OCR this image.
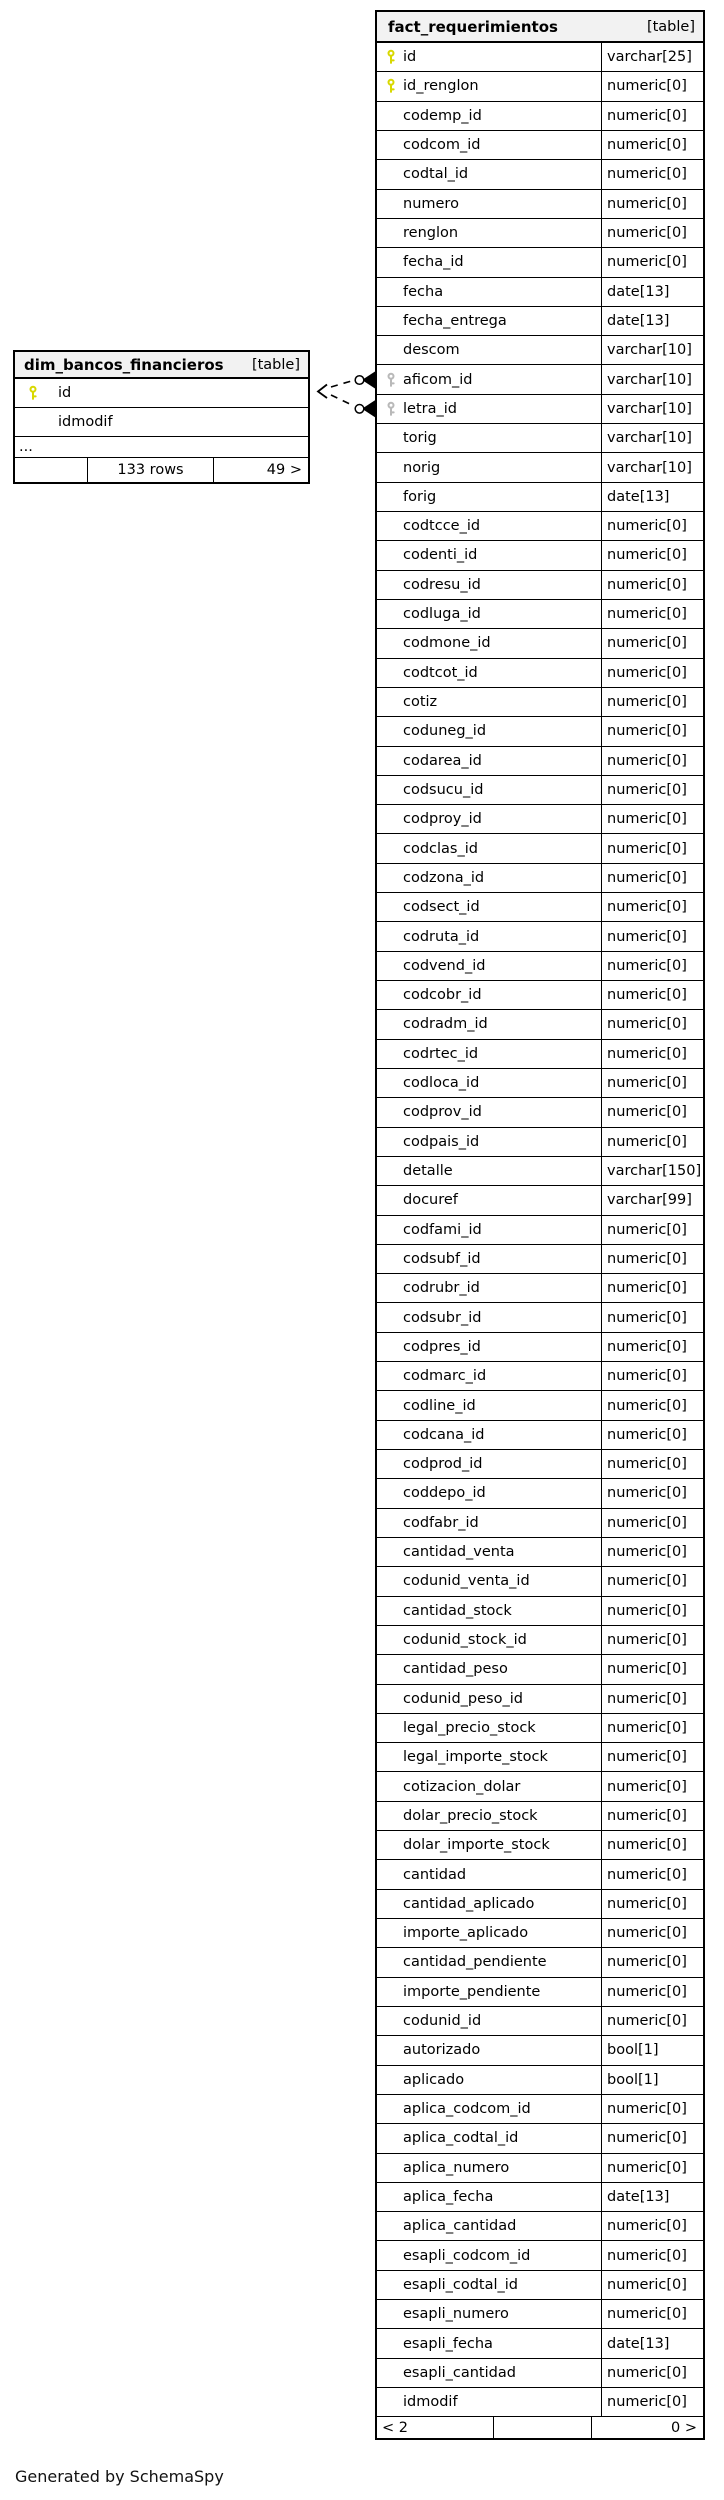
dim_bancos_financieros [table]
id
idmodif
...
133 rows	49 >
fact_requerimientos	[table]
id	varchar[25]
id_renglon	numeric[0]
codemp_id	numeric[0]
codcom_id	numeric[0]
codtal_id	numeric[0]
numero	numeric[0]
renglon	numeric[0]
fecha_id	numeric[0]
fecha	date[13]
fecha_entrega	date[13]
descom	varchar[10]
aficom_id	varchar[10]
letra_id	varchar[10]
torig	varchar[10]
norig	varchar[10]
forig	date[13]
codtcce_id	numeric[0]
codenti_id	numeric[0]
codresu_id	numeric[0]
codluga_id	numeric[0]
codmone_id	numeric[0]
codtcot_id	numeric[0]
cotiz	numeric[0]
coduneg_id	numeric[0]
codarea_id	numeric[0]
codsucu_id	numeric[0]
codproy_id	numeric[0]
codclas_id	numeric[0]
codzona_id	numeric[0]
codsect_id	numeric[0]
codruta_id	numeric[0]
codvend_id	numeric[0]
codcobr_id	numeric[0]
codradm_id	numeric[0]
codrtec_id	numeric[0]
codloca_id	numeric[0]
codprov_id	numeric[0]
codpais_id	numeric[0]
detalle	varchar[150]
docuref	varchar[99]
codfami_id	numeric[0]
codsubf_id	numeric[0]
codrubr_id	numeric[0]
codsubr_id	numeric[0]
codpres_id	numeric[0]
codmarc_id	numeric[0]
codline_id	numeric[0]
codcana_id	numeric[0]
codprod_id	numeric[0]
coddepo_id	numeric[0]
codfabr_id	numeric[0]
cantidad_venta	numeric[0]
codunid_venta_id	numeric[0]
cantidad_stock	numeric[0]
codunid_stock_id	numeric[0]
cantidad_peso	numeric[0]
codunid_peso_id	numeric[0]
legal_precio_stock	numeric[0]
legal_importe_stock	numeric[0]
cotizacion_dolar	numeric[0]
dolar_precio_stock	numeric[0]
dolar_importe_stock	numeric[0]
cantidad	numeric[0]
cantidad_aplicado	numeric[0]
importe_aplicado	numeric[0]
cantidad_pendiente	numeric[0]
importe_pendiente	numeric[0]
codunid_id	numeric[0]
autorizado	bool[1]
aplicado	bool[1]
aplica_codcom_id	numeric[0]
aplica_codtal_id	numeric[0]
aplica_numero	numeric[0]
aplica_fecha	date[13]
aplica_cantidad	numeric[0]
esapli_codcom_id	numeric[0]
esapli_codtal_id	numeric[0]
esapli_numero	numeric[0]
esapli_fecha	date[13]
esapli_cantidad	numeric[0]
idmodif	numeric[0]
< 2	0 >
Generated by SchemaSpy
